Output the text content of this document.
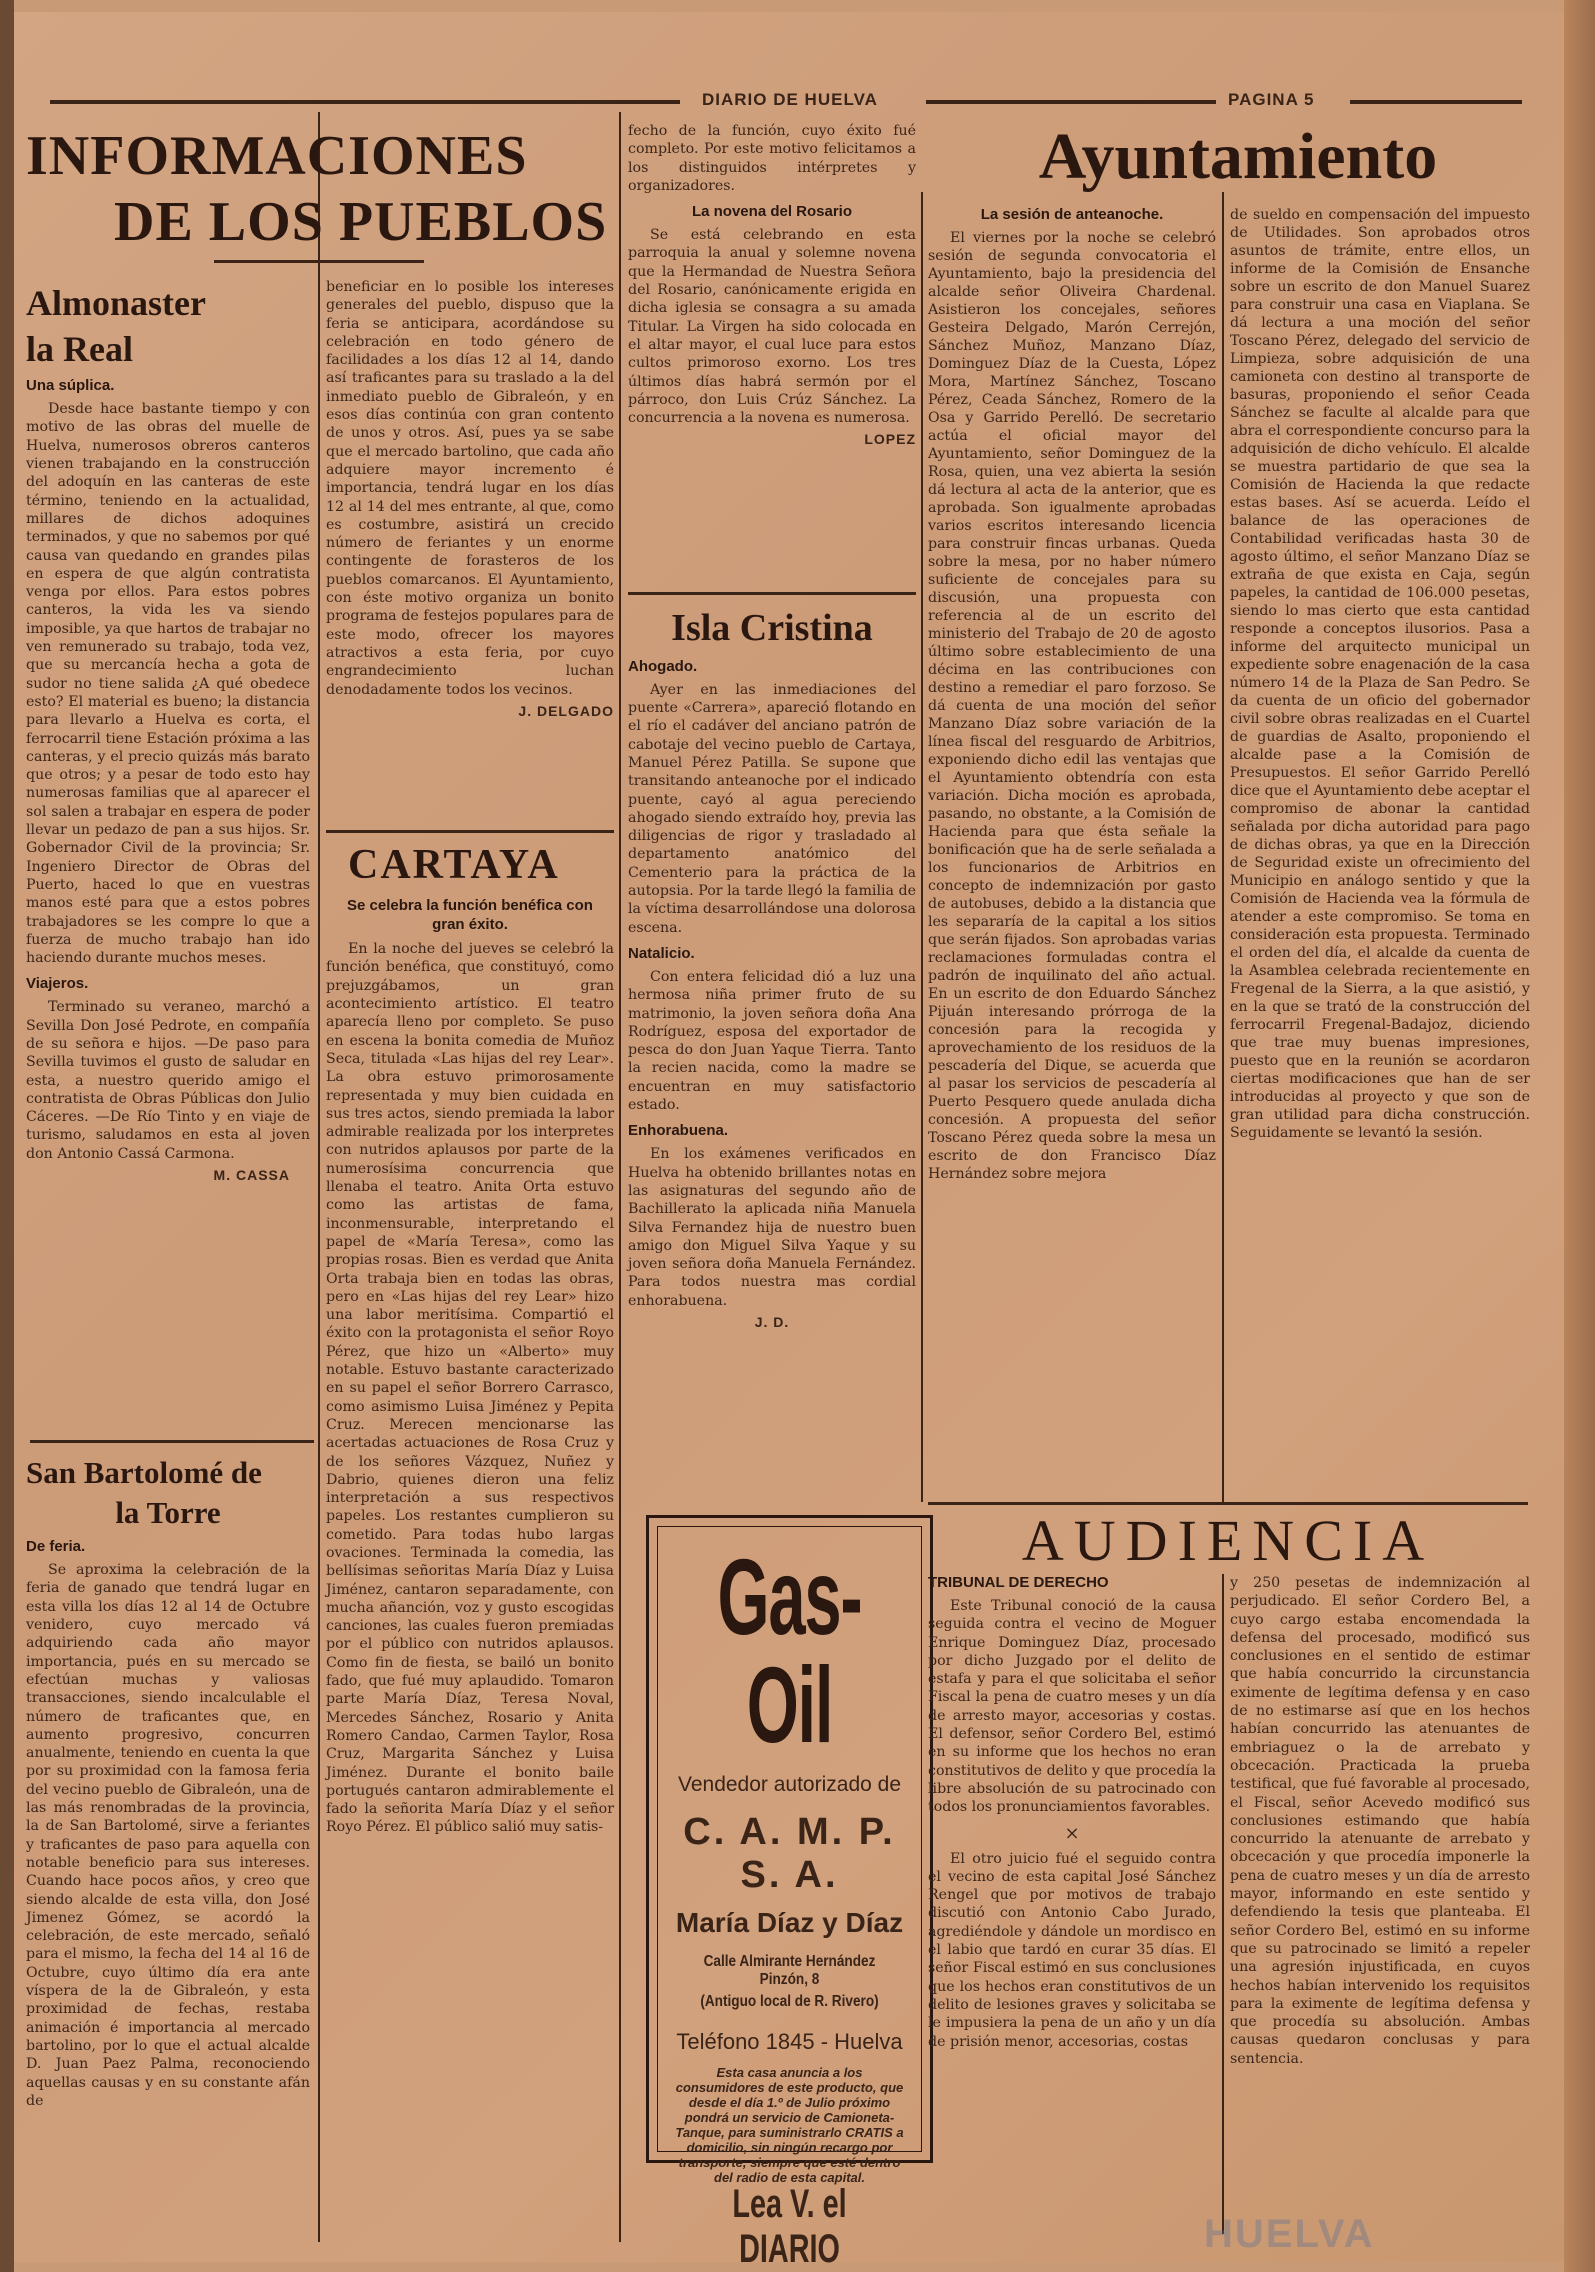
DIARIO DE HUELVA	PAGINA 5
INFORMACIONES
DE LOS PUEBLOS
Almonaster
la Real
Una súplica.

Desde hace bastante tiempo y con motivo de las obras del muelle de Huelva, numerosos obreros canteros vienen trabajando en la construcción del adoquín en las canteras de este término, teniendo en la actualidad, millares de dichos adoquines terminados, y que no sabemos por qué causa van quedando en grandes pilas en espera de que algún contratista venga por ellos. Para estos pobres canteros, la vida les va siendo imposible, ya que hartos de trabajar no ven remunerado su trabajo, toda vez, que su mercancía hecha a gota de sudor no tiene salida ¿A qué obedece esto? El material es bueno; la distancia para llevarlo a Huelva es corta, el ferrocarril tiene Estación próxima a las canteras, y el precio quizás más barato que otros; y a pesar de todo esto hay numerosas familias que al aparecer el sol salen a trabajar en espera de poder llevar un pedazo de pan a sus hijos. Sr. Gobernador Civil de la provincia; Sr. Ingeniero Director de Obras del Puerto, haced lo que en vuestras manos esté para que a estos pobres trabajadores se les compre lo que a fuerza de mucho trabajo han ido haciendo durante muchos meses.

Viajeros.

Terminado su veraneo, marchó a Sevilla Don José Pedrote, en compañía de su señora e hijos. —De paso para Sevilla tuvimos el gusto de saludar en esta, a nuestro querido amigo el contratista de Obras Públicas don Julio Cáceres. —De Río Tinto y en viaje de turismo, saludamos en esta al joven don Antonio Cassá Carmona.

M. CASSA
San Bartolomé de
la Torre
De feria.

Se aproxima la celebración de la feria de ganado que tendrá lugar en esta villa los días 12 al 14 de Octubre venidero, cuyo mercado vá adquiriendo cada año mayor importancia, pués en su mercado se efectúan muchas y valiosas transacciones, siendo incalculable el número de traficantes que, en aumento progresivo, concurren anualmente, teniendo en cuenta la que por su proximidad con la famosa feria del vecino pueblo de Gibraleón, una de las más renombradas de la provincia, la de San Bartolomé, sirve a feriantes y traficantes de paso para aquella con notable beneficio para sus intereses. Cuando hace pocos años, y creo que siendo alcalde de esta villa, don José Jimenez Gómez, se acordó la celebración, de este mercado, señaló para el mismo, la fecha del 14 al 16 de Octubre, cuyo último día era ante víspera de la de Gibraleón, y esta proximidad de fechas, restaba animación é importancia al mercado bartolino, por lo que el actual alcalde D. Juan Paez Palma, reconociendo aquellas causas y en su constante afán de

beneficiar en lo posible los intereses generales del pueblo, dispuso que la feria se anticipara, acordándose su celebración en todo género de facilidades a los días 12 al 14, dando así traficantes para su traslado a la del inmediato pueblo de Gibraleón, y en esos días continúa con gran contento de unos y otros. Así, pues ya se sabe que el mercado bartolino, que cada año adquiere mayor incremento é importancia, tendrá lugar en los días 12 al 14 del mes entrante, al que, como es costumbre, asistirá un crecido número de feriantes y un enorme contingente de forasteros de los pueblos comarcanos. El Ayuntamiento, con éste motivo organiza un bonito programa de festejos populares para de este modo, ofrecer los mayores atractivos a esta feria, por cuyo engrandecimiento luchan denodadamente todos los vecinos.

J. DELGADO
CARTAYA
Se celebra la función benéfica con gran éxito.

En la noche del jueves se celebró la función benéfica, que constituyó, como prejuzgábamos, un gran acontecimiento artístico. El teatro aparecía lleno por completo. Se puso en escena la bonita comedia de Muñoz Seca, titulada «Las hijas del rey Lear». La obra estuvo primorosamente representada y muy bien cuidada en sus tres actos, siendo premiada la labor admirable realizada por los interpretes con nutridos aplausos por parte de la numerosísima concurrencia que llenaba el teatro. Anita Orta estuvo como las artistas de fama, inconmensurable, interpretando el papel de «María Teresa», como las propias rosas. Bien es verdad que Anita Orta trabaja bien en todas las obras, pero en «Las hijas del rey Lear» hizo una labor meritísima. Compartió el éxito con la protagonista el señor Royo Pérez, que hizo un «Alberto» muy notable. Estuvo bastante caracterizado en su papel el señor Borrero Carrasco, como asimismo Luisa Jiménez y Pepita Cruz. Merecen mencionarse las acertadas actuaciones de Rosa Cruz y de los señores Vázquez, Nuñez y Dabrio, quienes dieron una feliz interpretación a sus respectivos papeles. Los restantes cumplieron su cometido. Para todas hubo largas ovaciones. Terminada la comedia, las bellísimas señoritas María Díaz y Luisa Jiménez, cantaron separadamente, con mucha añanción, voz y gusto escogidas canciones, las cuales fueron premiadas por el público con nutridos aplausos. Como fin de fiesta, se bailó un bonito fado, que fué muy aplaudido. Tomaron parte María Díaz, Teresa Noval, Mercedes Sánchez, Rosario y Anita Romero Candao, Carmen Taylor, Rosa Cruz, Margarita Sánchez y Luisa Jiménez. Durante el bonito baile portugués cantaron admirablemente el fado la señorita María Díaz y el señor Royo Pérez. El público salió muy satis-

fecho de la función, cuyo éxito fué completo. Por este motivo felicitamos a los distinguidos intérpretes y organizadores.

La novena del Rosario

Se está celebrando en esta parroquia la anual y solemne novena que la Hermandad de Nuestra Señora del Rosario, canónicamente erigida en dicha iglesia se consagra a su amada Titular. La Virgen ha sido colocada en el altar mayor, el cual luce para estos cultos primoroso exorno. Los tres últimos días habrá sermón por el párroco, don Luis Crúz Sánchez. La concurrencia a la novena es numerosa.

LOPEZ
Isla Cristina
Ahogado.

Ayer en las inmediaciones del puente «Carrera», apareció flotando en el río el cadáver del anciano patrón de cabotaje del vecino pueblo de Cartaya, Manuel Pérez Patilla. Se supone que transitando anteanoche por el indicado puente, cayó al agua pereciendo ahogado siendo extraído hoy, previa las diligencias de rigor y trasladado al departamento anatómico del Cementerio para la práctica de la autopsia. Por la tarde llegó la familia de la víctima desarrollándose una dolorosa escena.

Natalicio.

Con entera felicidad dió a luz una hermosa niña primer fruto de su matrimonio, la joven señora doña Ana Rodríguez, esposa del exportador de pesca do don Juan Yaque Tierra. Tanto la recien nacida, como la madre se encuentran en muy satisfactorio estado.

Enhorabuena.

En los exámenes verificados en Huelva ha obtenido brillantes notas en las asignaturas del segundo año de Bachillerato la aplicada niña Manuela Silva Fernandez hija de nuestro buen amigo don Miguel Silva Yaque y su joven señora doña Manuela Fernández. Para todos nuestra mas cordial enhorabuena.

J. D.
Gas-Oil
Vendedor autorizado de
C. A. M. P. S. A.
María Díaz y Díaz
Calle Almirante Hernández Pinzón, 8
(Antiguo local de R. Rivero)
Teléfono 1845 - Huelva
Esta casa anuncia a los consumidores de este producto, que desde el día 1.º de Julio próximo pondrá un servicio de Camioneta-Tanque, para suministrarlo CRATIS a domicilio, sin ningún recargo por transporte, siempre que esté dentro del radio de esta capital.
Lea V. el DIARIO
Ayuntamiento
La sesión de anteanoche.

El viernes por la noche se celebró sesión de segunda convocatoria el Ayuntamiento, bajo la presidencia del alcalde señor Oliveira Chardenal. Asistieron los concejales, señores Gesteira Delgado, Marón Cerrejón, Sánchez Muñoz, Manzano Díaz, Dominguez Díaz de la Cuesta, López Mora, Martínez Sánchez, Toscano Pérez, Ceada Sánchez, Romero de la Osa y Garrido Perelló. De secretario actúa el oficial mayor del Ayuntamiento, señor Dominguez de la Rosa, quien, una vez abierta la sesión dá lectura al acta de la anterior, que es aprobada. Son igualmente aprobadas varios escritos interesando licencia para construir fincas urbanas. Queda sobre la mesa, por no haber número suficiente de concejales para su discusión, una propuesta con referencia al de un escrito del ministerio del Trabajo de 20 de agosto último sobre establecimiento de una décima en las contribuciones con destino a remediar el paro forzoso. Se dá cuenta de una moción del señor Manzano Díaz sobre variación de la línea fiscal del resguardo de Arbitrios, exponiendo dicho edil las ventajas que el Ayuntamiento obtendría con esta variación. Dicha moción es aprobada, pasando, no obstante, a la Comisión de Hacienda para que ésta señale la bonificación que ha de serle señalada a los funcionarios de Arbitrios en concepto de indemnización por gasto de autobuses, debido a la distancia que les separaría de la capital a los sitios que serán fijados. Son aprobadas varias reclamaciones formuladas contra el padrón de inquilinato del año actual. En un escrito de don Eduardo Sánchez Pijuán interesando prórroga de la concesión para la recogida y aprovechamiento de los residuos de la pescadería del Dique, se acuerda que al pasar los servicios de pescadería al Puerto Pesquero quede anulada dicha concesión. A propuesta del señor Toscano Pérez queda sobre la mesa un escrito de don Francisco Díaz Hernández sobre mejora

de sueldo en compensación del impuesto de Utilidades. Son aprobados otros asuntos de trámite, entre ellos, un informe de la Comisión de Ensanche sobre un escrito de don Manuel Suarez para construir una casa en Viaplana. Se dá lectura a una moción del señor Toscano Pérez, delegado del servicio de Limpieza, sobre adquisición de una camioneta con destino al transporte de basuras, proponiendo el señor Ceada Sánchez se faculte al alcalde para que abra el correspondiente concurso para la adquisición de dicho vehículo. El alcalde se muestra partidario de que sea la Comisión de Hacienda la que redacte estas bases. Así se acuerda. Leído el balance de las operaciones de Contabilidad verificadas hasta 30 de agosto último, el señor Manzano Díaz se extraña de que exista en Caja, según papeles, la cantidad de 106.000 pesetas, siendo lo mas cierto que esta cantidad responde a conceptos ilusorios. Pasa a informe del arquitecto municipal un expediente sobre enagenación de la casa número 14 de la Plaza de San Pedro. Se da cuenta de un oficio del gobernador civil sobre obras realizadas en el Cuartel de guardias de Asalto, proponiendo el alcalde pase a la Comisión de Presupuestos. El señor Garrido Perelló dice que el Ayuntamiento debe aceptar el compromiso de abonar la cantidad señalada por dicha autoridad para pago de dichas obras, ya que en la Dirección de Seguridad existe un ofrecimiento del Municipio en análogo sentido y que la Comisión de Hacienda vea la fórmula de atender a este compromiso. Se toma en consideración esta propuesta. Terminado el orden del día, el alcalde da cuenta de la Asamblea celebrada recientemente en Fregenal de la Sierra, a la que asistió, y en la que se trató de la construcción del ferrocarril Fregenal-Badajoz, diciendo que trae muy buenas impresiones, puesto que en la reunión se acordaron ciertas modificaciones que han de ser introducidas al proyecto y que son de gran utilidad para dicha construcción. Seguidamente se levantó la sesión.

AUDIENCIA
TRIBUNAL DE DERECHO

Este Tribunal conoció de la causa seguida contra el vecino de Moguer Enrique Dominguez Díaz, procesado por dicho Juzgado por el delito de estafa y para el que solicitaba el señor Fiscal la pena de cuatro meses y un día de arresto mayor, accesorias y costas. El defensor, señor Cordero Bel, estimó en su informe que los hechos no eran constitutivos de delito y que procedía la libre absolución de su patrocinado con todos los pronunciamientos favorables.

×

El otro juicio fué el seguido contra el vecino de esta capital José Sánchez Rengel que por motivos de trabajo discutió con Antonio Cabo Jurado, agrediéndole y dándole un mordisco en el labio que tardó en curar 35 días. El señor Fiscal estimó en sus conclusiones que los hechos eran constitutivos de un delito de lesiones graves y solicitaba se le impusiera la pena de un año y un día de prisión menor, accesorias, costas

y 250 pesetas de indemnización al perjudicado. El señor Cordero Bel, a cuyo cargo estaba encomendada la defensa del procesado, modificó sus conclusiones en el sentido de estimar que había concurrido la circunstancia eximente de legítima defensa y en caso de no estimarse así que en los hechos habían concurrido las atenuantes de embriaguez o la de arrebato y obcecación. Practicada la prueba testifical, que fué favorable al procesado, el Fiscal, señor Acevedo modificó sus conclusiones estimando que había concurrido la atenuante de arrebato y obcecación y que procedía imponerle la pena de cuatro meses y un día de arresto mayor, informando en este sentido y defendiendo la tesis que planteaba. El señor Cordero Bel, estimó en su informe que su patrocinado se limitó a repeler una agresión injustificada, en cuyos hechos habían intervenido los requisitos para la eximente de legítima defensa y que procedía su absolución. Ambas causas quedaron conclusas y para sentencia.

HUELVA
